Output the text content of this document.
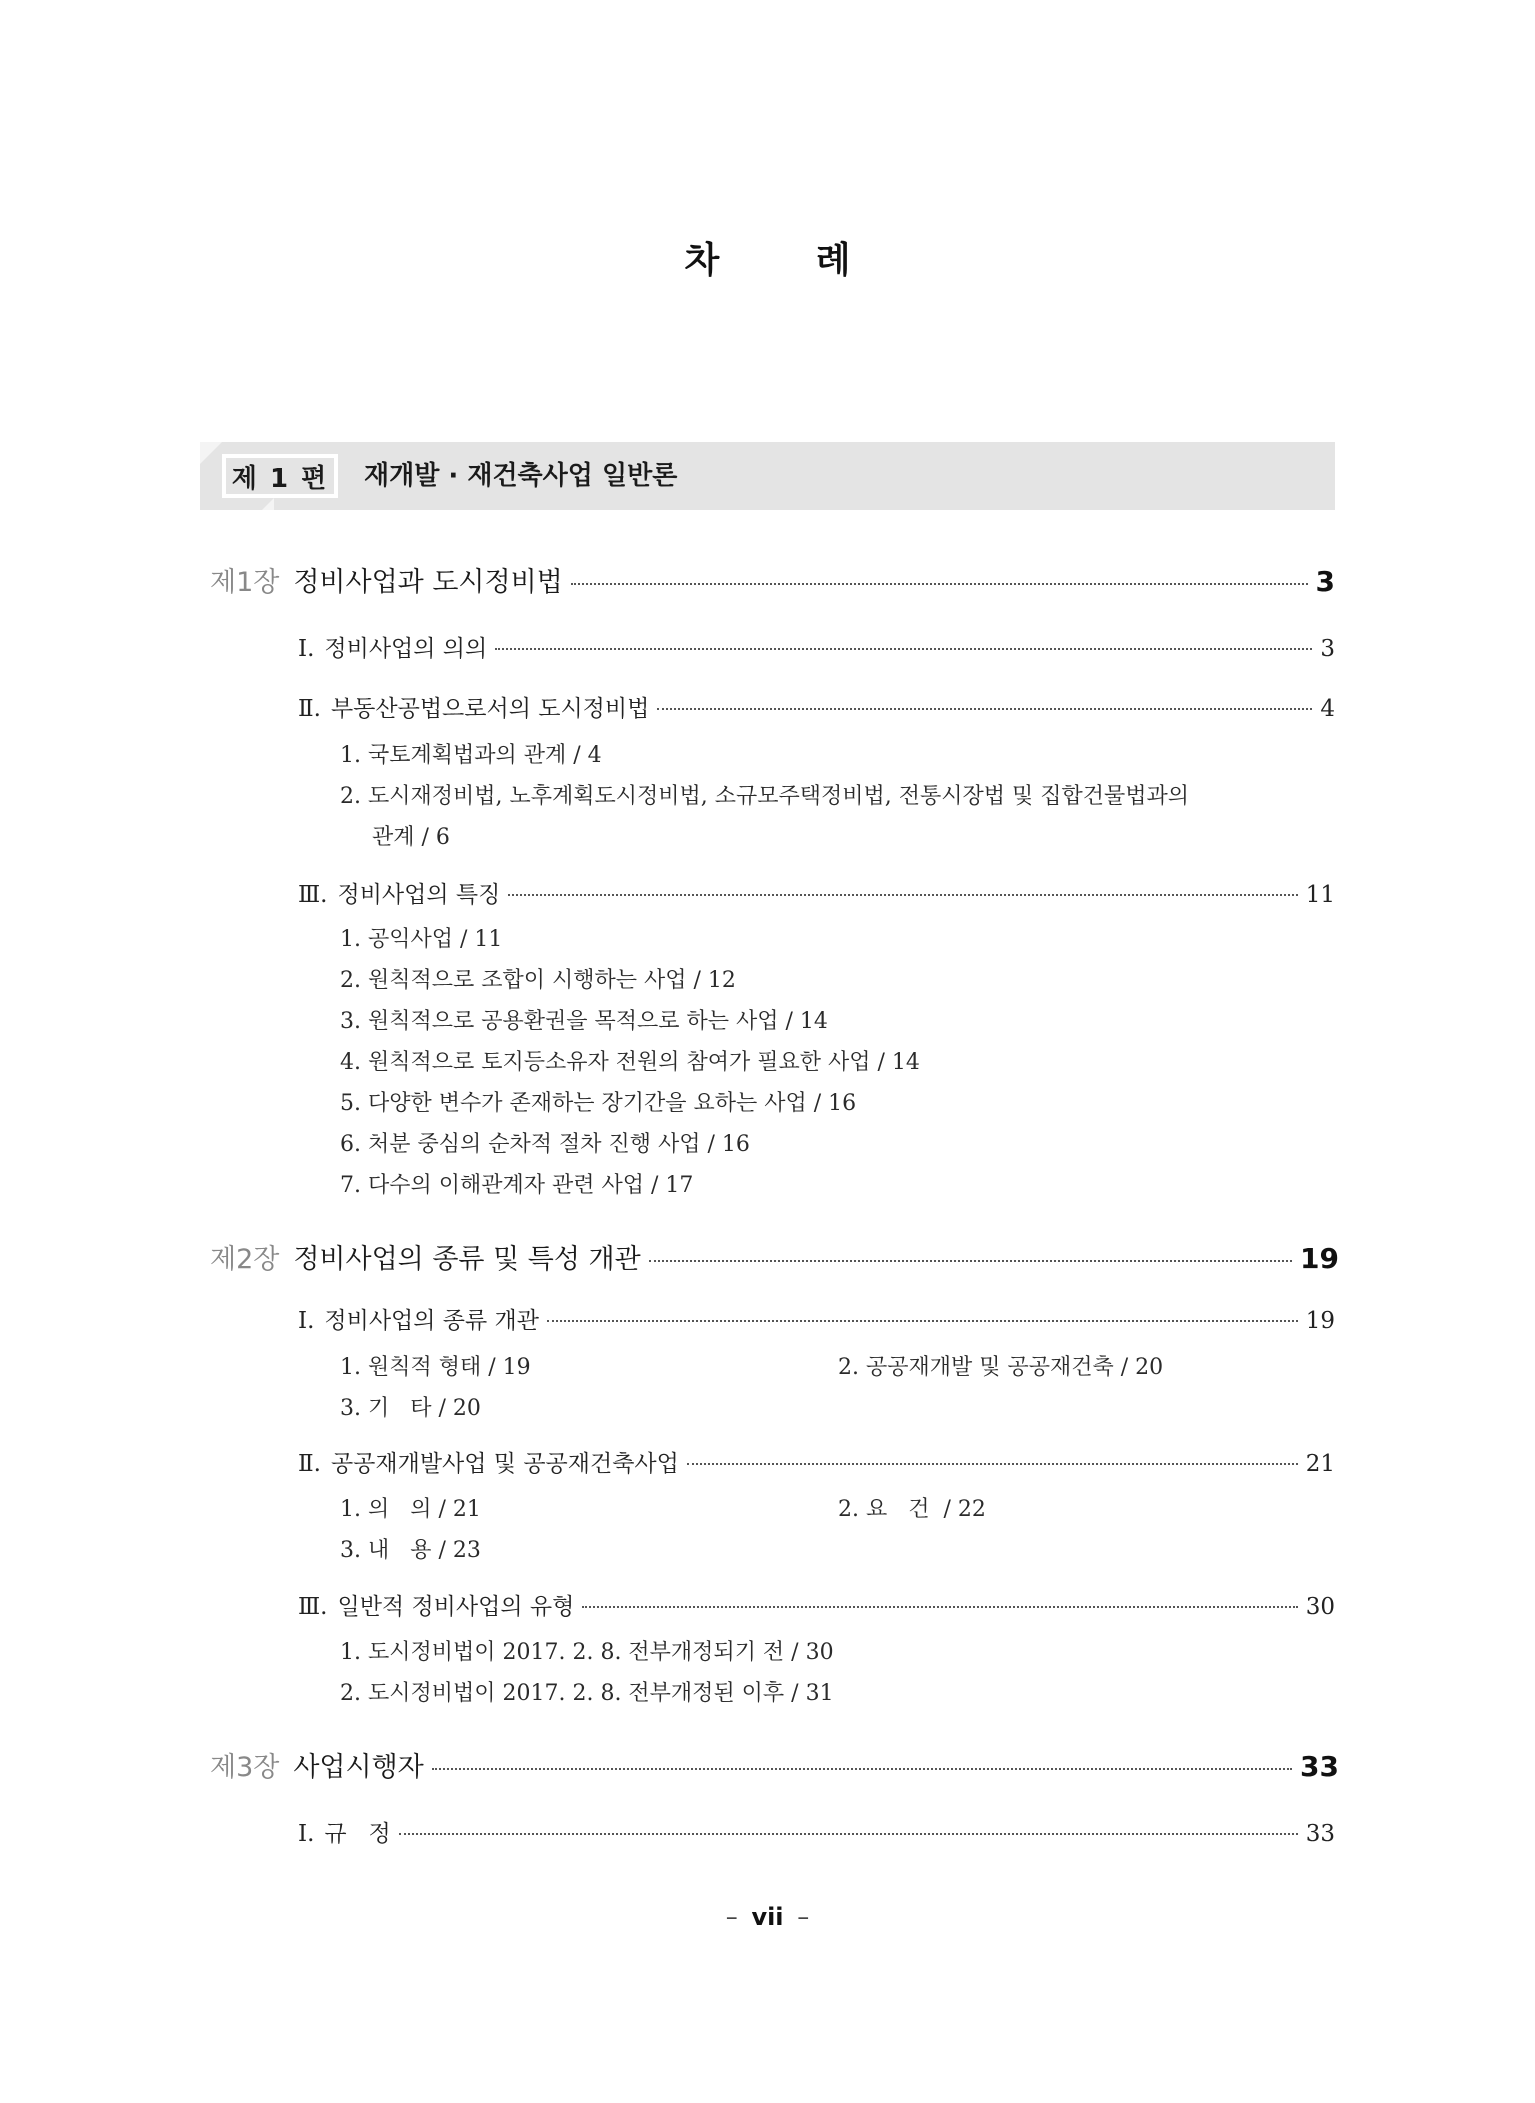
차 례
제 1 편	재개발 · 재건축사업 일반론
제1장 정비사업과 도시정비법	3
Ⅰ. 정비사업의 의의	3
Ⅱ. 부동산공법으로서의 도시정비법	4
1. 국토계획법과의 관계 / 4
2. 도시재정비법, 노후계획도시정비법, 소규모주택정비법, 전통시장법 및 집합건물법과의
관계 / 6
Ⅲ. 정비사업의 특징	11
1. 공익사업 / 11
2. 원칙적으로 조합이 시행하는 사업 / 12
3. 원칙적으로 공용환권을 목적으로 하는 사업 / 14
4. 원칙적으로 토지등소유자 전원의 참여가 필요한 사업 / 14
5. 다양한 변수가 존재하는 장기간을 요하는 사업 / 16
6. 처분 중심의 순차적 절차 진행 사업 / 16
7. 다수의 이해관계자 관련 사업 / 17
제2장 정비사업의 종류 및 특성 개관	19
Ⅰ. 정비사업의 종류 개관	19
1. 원칙적 형태 / 19	2. 공공재개발 및 공공재건축 / 20
3. 기   타 / 20
Ⅱ. 공공재개발사업 및 공공재건축사업	21
1. 의   의 / 21	2. 요   건  / 22
3. 내   용 / 23
Ⅲ. 일반적 정비사업의 유형	30
1. 도시정비법이 2017. 2. 8. 전부개정되기 전 / 30
2. 도시정비법이 2017. 2. 8. 전부개정된 이후 / 31
제3장 사업시행자	33
Ⅰ. 규   정	33
– vii –
